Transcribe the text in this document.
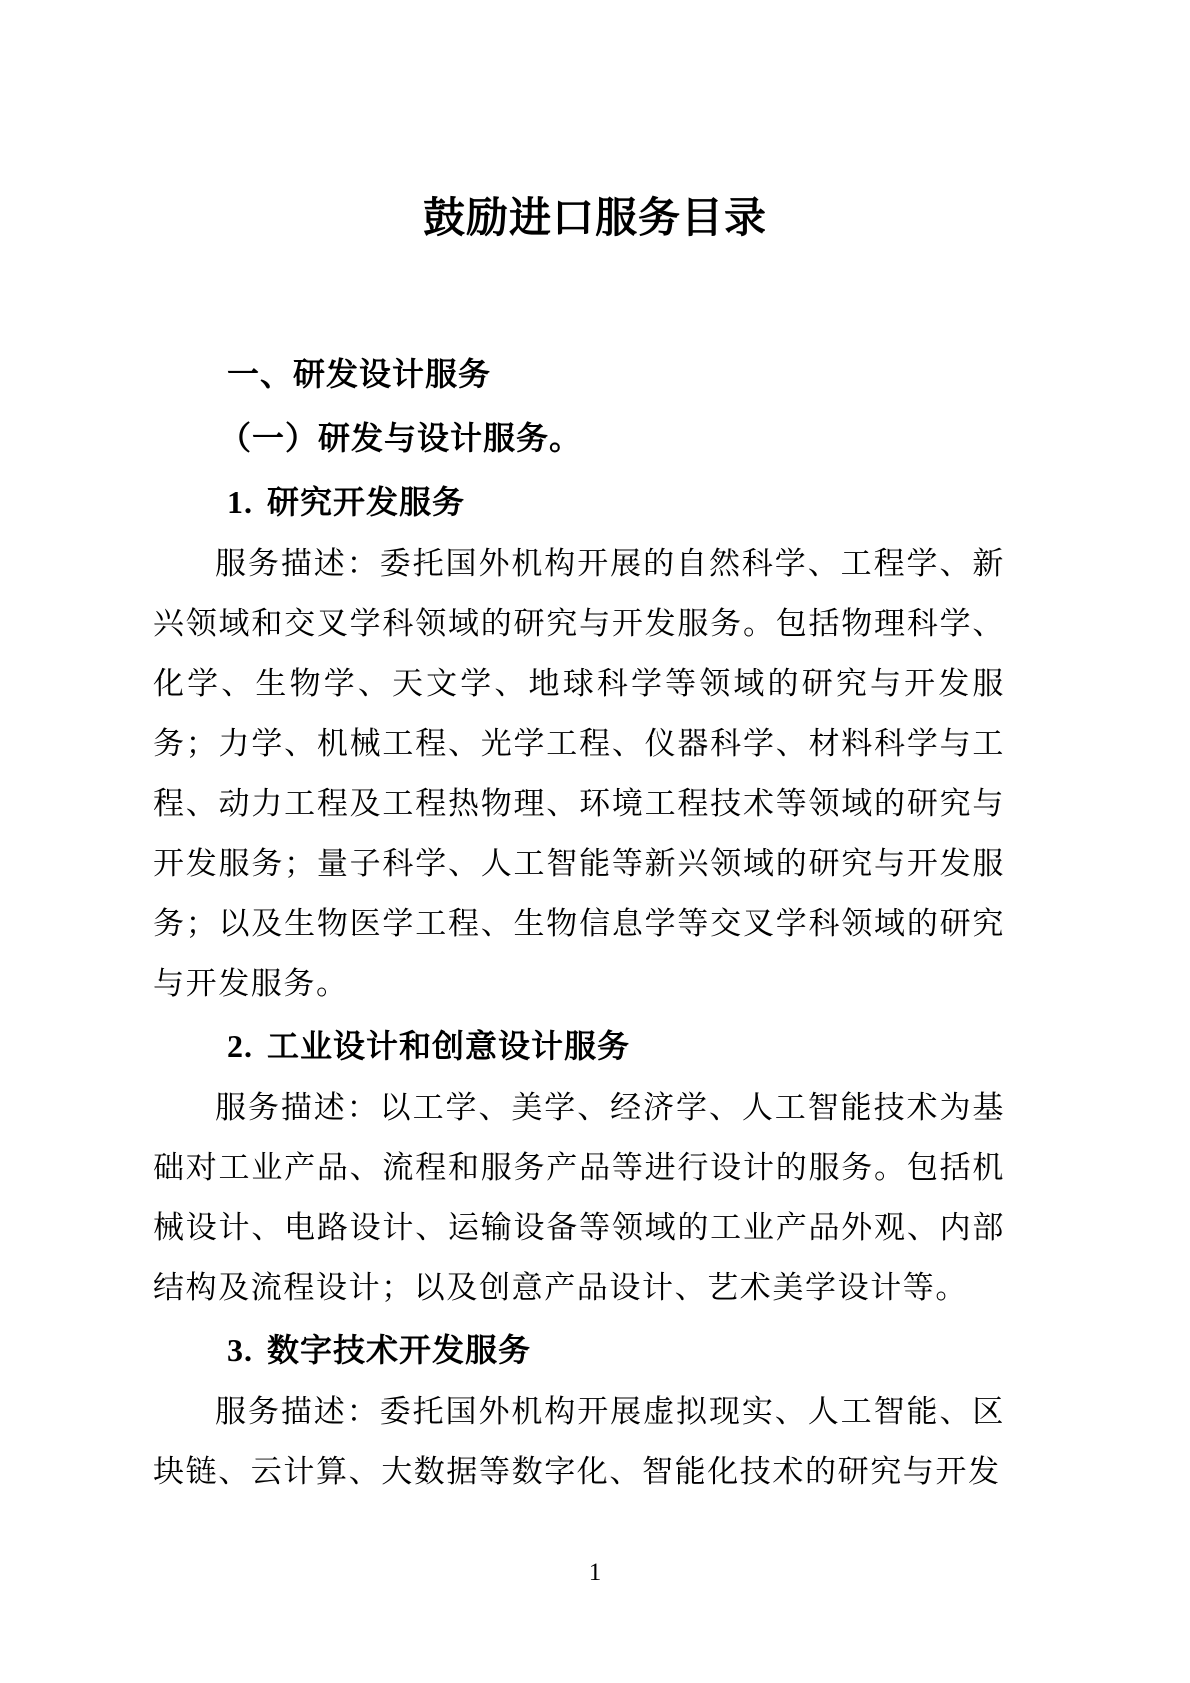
鼓励进口服务目录
一、研发设计服务
（一）研发与设计服务。
1. 研究开发服务

服务描述：委托国外机构开展的自然科学、工程学、新兴领域和交叉学科领域的研究与开发服务。包括物理科学、化学、生物学、天文学、地球科学等领域的研究与开发服务；力学、机械工程、光学工程、仪器科学、材料科学与工程、动力工程及工程热物理、环境工程技术等领域的研究与开发服务；量子科学、人工智能等新兴领域的研究与开发服务；以及生物医学工程、生物信息学等交叉学科领域的研究与开发服务。

2. 工业设计和创意设计服务

服务描述：以工学、美学、经济学、人工智能技术为基础对工业产品、流程和服务产品等进行设计的服务。包括机械设计、电路设计、运输设备等领域的工业产品外观、内部结构及流程设计；以及创意产品设计、艺术美学设计等。

3. 数字技术开发服务

服务描述：委托国外机构开展虚拟现实、人工智能、区块链、云计算、大数据等数字化、智能化技术的研究与开发

1
